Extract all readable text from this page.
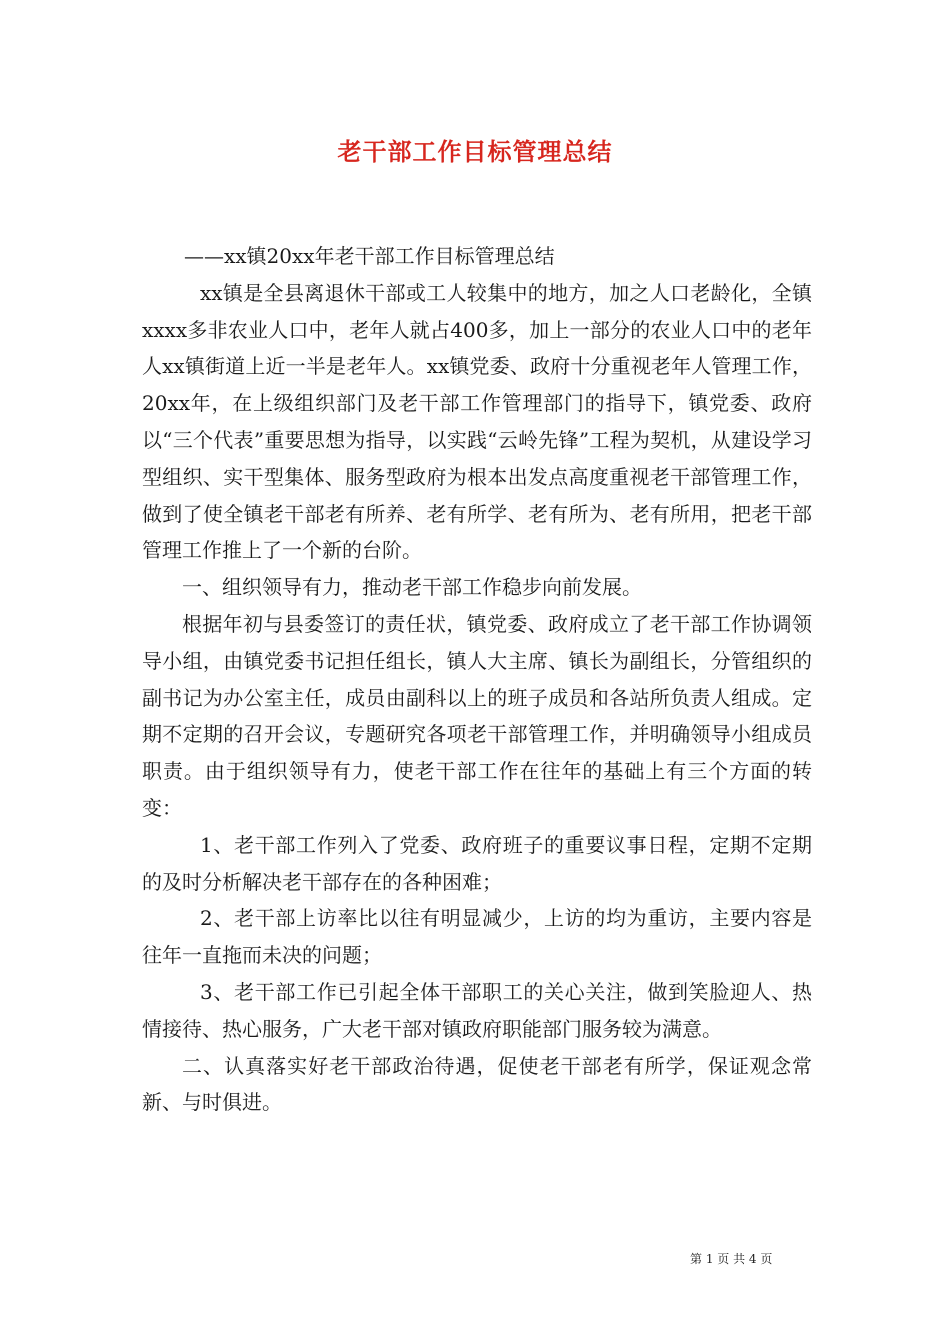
老干部工作目标管理总结

——xx镇20xx年老干部工作目标管理总结

xx镇是全县离退休干部或工人较集中的地方，加之人口老龄化，全镇xxxx多非农业人口中，老年人就占400多，加上一部分的农业人口中的老年人xx镇街道上近一半是老年人。xx镇党委、政府十分重视老年人管理工作，20xx年，在上级组织部门及老干部工作管理部门的指导下，镇党委、政府以“三个代表”重要思想为指导，以实践“云岭先锋”工程为契机，从建设学习型组织、实干型集体、服务型政府为根本出发点高度重视老干部管理工作，做到了使全镇老干部老有所养、老有所学、老有所为、老有所用，把老干部管理工作推上了一个新的台阶。

一、组织领导有力，推动老干部工作稳步向前发展。

根据年初与县委签订的责任状，镇党委、政府成立了老干部工作协调领导小组，由镇党委书记担任组长，镇人大主席、镇长为副组长，分管组织的副书记为办公室主任，成员由副科以上的班子成员和各站所负责人组成。定期不定期的召开会议，专题研究各项老干部管理工作，并明确领导小组成员职责。由于组织领导有力，使老干部工作在往年的基础上有三个方面的转变：

1、老干部工作列入了党委、政府班子的重要议事日程，定期不定期的及时分析解决老干部存在的各种困难；

2、老干部上访率比以往有明显减少，上访的均为重访，主要内容是往年一直拖而未决的问题；

3、老干部工作已引起全体干部职工的关心关注，做到笑脸迎人、热情接待、热心服务，广大老干部对镇政府职能部门服务较为满意。

二、认真落实好老干部政治待遇，促使老干部老有所学，保证观念常新、与时俱进。

第 1 页 共 4 页
